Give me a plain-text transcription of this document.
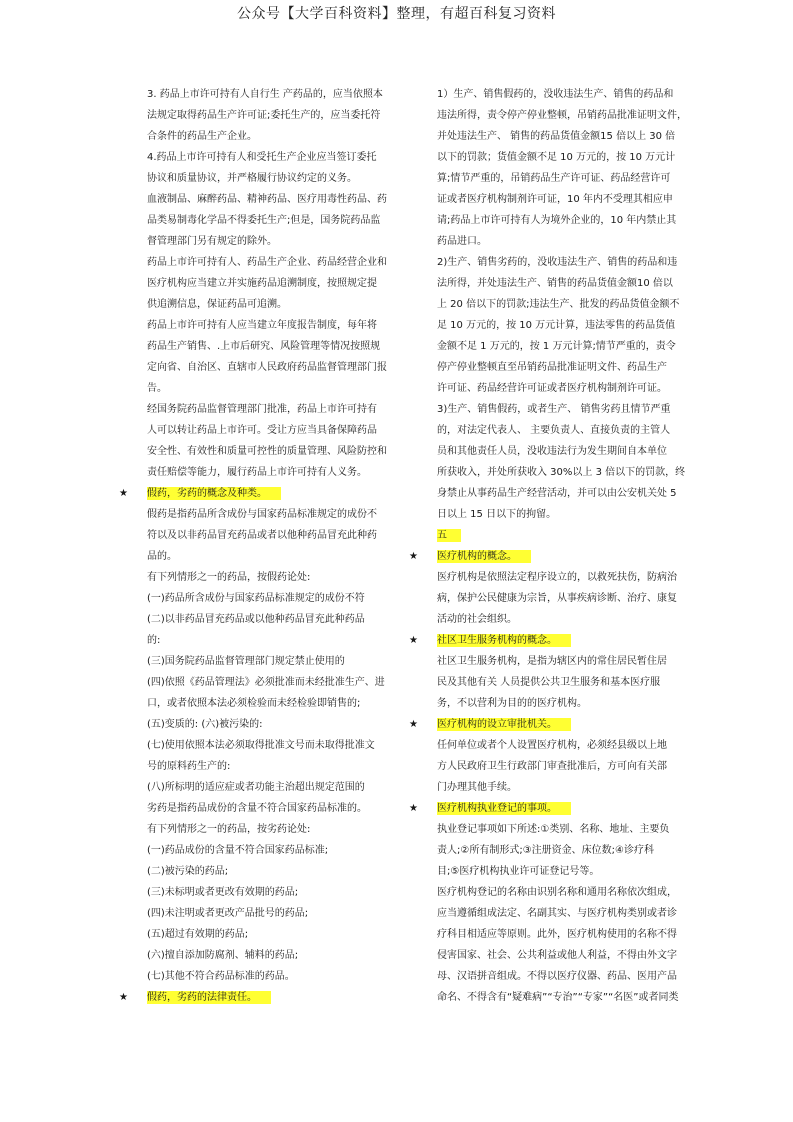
公众号【大学百科资料】整理，有超百科复习资料
3. 药品上市许可持有人自行生 产药品的，应当依照本
法规定取得药品生产许可证;委托生产的，应当委托符
合条件的药品生产企业。
4.药品上市许可持有人和受托生产企业应当签订委托
协议和质量协议，并严格履行协议约定的义务。
血液制品、麻醉药品、精神药品、医疗用毒性药品、药
品类易制毒化学品不得委托生产;但是，国务院药品监
督管理部门另有规定的除外。
药品上市许可持有人、药品生产企业、药品经营企业和
医疗机构应当建立并实施药品追溯制度，按照规定提
供追溯信息，保证药品可追溯。
药品上市许可持有人应当建立年度报告制度，每年将
药品生产销售、.上市后研究、风险管理等情况按照规
定向省、自治区、直辖市人民政府药品监督管理部门报
告。
经国务院药品监督管理部门批准，药品上市许可持有
人可以转让药品上市许可。受让方应当具备保障药品
安全性、有效性和质量可控性的质量管理、风险防控和
责任赔偿等能力，履行药品上市许可持有人义务。
★ 假药，劣药的概念及种类。
假药是指药品所含成份与国家药品标准规定的成份不
符以及以非药品冒充药品或者以他种药品冒充此种药
品的。
有下列情形之一的药品，按假药论处:
(一)药品所含成份与国家药品标准规定的成份不符
(二)以非药品冒充药品或以他种药品冒充此种药品
的:
(三)国务院药品监督管理部门规定禁止使用的
(四)依照《药品管理法》必须批准而未经批准生产、进
口，或者依照本法必须检验而未经检验即销售的;
(五)变质的: (六)被污染的:
(七)使用依照本法必须取得批准文号而未取得批准文
号的原料药生产的:
(八)所标明的适应症或者功能主治超出规定范围的
劣药是指药品成份的含量不符合国家药品标准的。
有下列情形之一的药品，按劣药论处:
(一)药品成份的含量不符合国家药品标准;
(二)被污染的药品;
(三)未标明或者更改有效期的药品;
(四)未注明或者更改产品批号的药品;
(五)超过有效期的药品;
(六)擅自添加防腐剂、辅料的药品;
(七)其他不符合药品标准的药品。
★ 假药，劣药的法律责任。
1）生产、销售假药的，没收违法生产、销售的药品和
违法所得，责令停产停业整顿，吊销药品批准证明文件，
并处违法生产、 销售的药品货值金额15 倍以上 30 倍
以下的罚款；货值金额不足 10 万元的，按 10 万元计
算;情节严重的，吊销药品生产许可证、药品经营许可
证或者医疗机构制剂许可证，10 年内不受理其相应申
请;药品上市许可持有人为境外企业的，10 年内禁止其
药品进口。
2)生产、销售劣药的，没收违法生产、销售的药品和违
法所得，并处违法生产、销售的药品货值金额10 倍以
上 20 倍以下的罚款;违法生产、批发的药品货值金额不
足 10 万元的，按 10 万元计算，违法零售的药品货值
金额不足 1 万元的，按 1 万元计算;情节严重的，责令
停产停业整顿直至吊销药品批准证明文件、药品生产
许可证、药品经营许可证或者医疗机构制剂许可证。
3)生产、销售假药，或者生产、 销售劣药且情节严重
的，对法定代表人、 主要负责人、直接负责的主管人
员和其他责任人员，没收违法行为发生期间自本单位
所获收入，并处所获收入 30%以上 3 倍以下的罚款，终
身禁止从事药品生产经营活动，并可以由公安机关处 5
日以上 15 日以下的拘留。
五
★ 医疗机构的概念。
医疗机构是依照法定程序设立的，以救死扶伤，防病治
病，保护公民健康为宗旨，从事疾病诊断、治疗、康复
活动的社会组织。
★ 社区卫生服务机构的概念。
社区卫生服务机构，是指为辖区内的常住居民暂住居
民及其他有关 人员提供公共卫生服务和基本医疗服
务，不以营利为目的的医疗机构。
★ 医疗机构的设立审批机关。
任何单位或者个人设置医疗机构，必须经县级以上地
方人民政府卫生行政部门审查批准后，方可向有关部
门办理其他手续。
★ 医疗机构执业登记的事项。
执业登记事项如下所述:①类别、名称、地址、主要负
责人;②所有制形式;③注册资金、床位数;④诊疗科
目;⑤医疗机构执业许可证登记号等。
医疗机构登记的名称由识别名称和通用名称依次组成，
应当遵循组成法定、名副其实、与医疗机构类别或者诊
疗科目相适应等原则。此外，医疗机构使用的名称不得
侵害国家、社会、公共利益或他人利益，不得由外文字
母、汉语拼音组成。不得以医疗仪器、药品、医用产品
命名、不得含有“疑难病”“专治”“专家”“名医”或者同类
